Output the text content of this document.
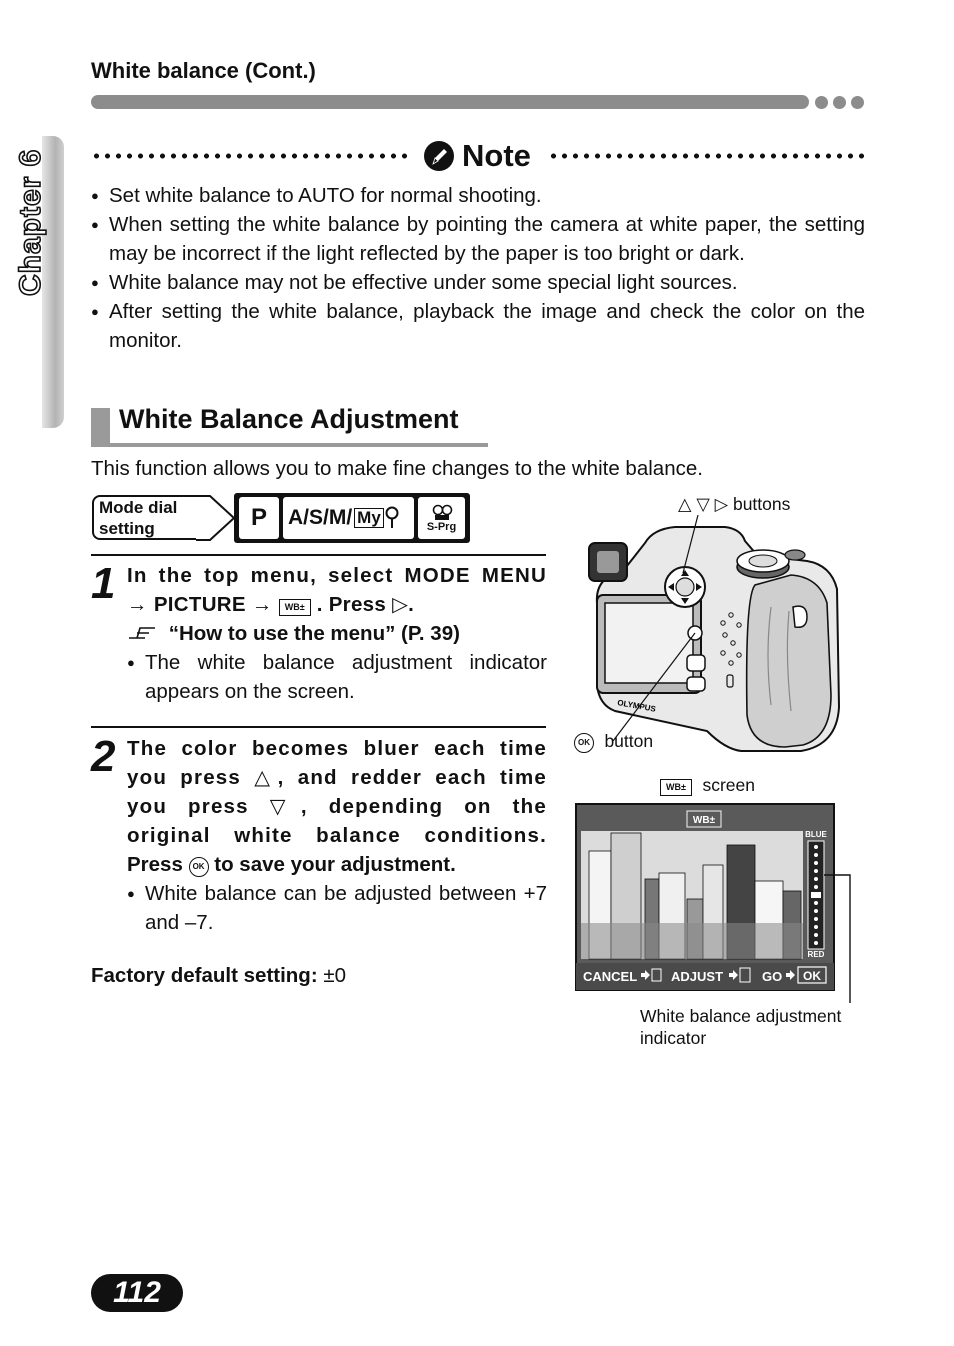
White balance (Cont.)
Chapter 6	Note
● Set white balance to AUTO for normal shooting.
● When setting the white balance by pointing the camera at white paper, the setting may be incorrect if the light reflected by the paper is too bright or dark.
● White balance may not be effective under some special light sources.
● After setting the white balance, playback the image and check the color on the monitor.
White Balance Adjustment
This function allows you to make fine changes to the white balance.
Mode dial
setting	P	A/S/M/ My	S-Prg
1 In the top menu, select MODE MENU
→ PICTURE → WB± . Press ▷.
“How to use the menu” (P. 39)
● The white balance adjustment indicator appears on the screen.
2 The color becomes bluer each time
you press △, and redder each time
you press ▽, depending on the
original white balance conditions.
Press OK to save your adjustment.
● White balance can be adjusted between +7 and –7.
Factory default setting: ±0
△ ▽ ▷ buttons
OLYMPUS
OK button
WB± screen
WB±
BLUE
RED
CANCEL	ADJUST	GO OK
White balance adjustment
indicator
112
